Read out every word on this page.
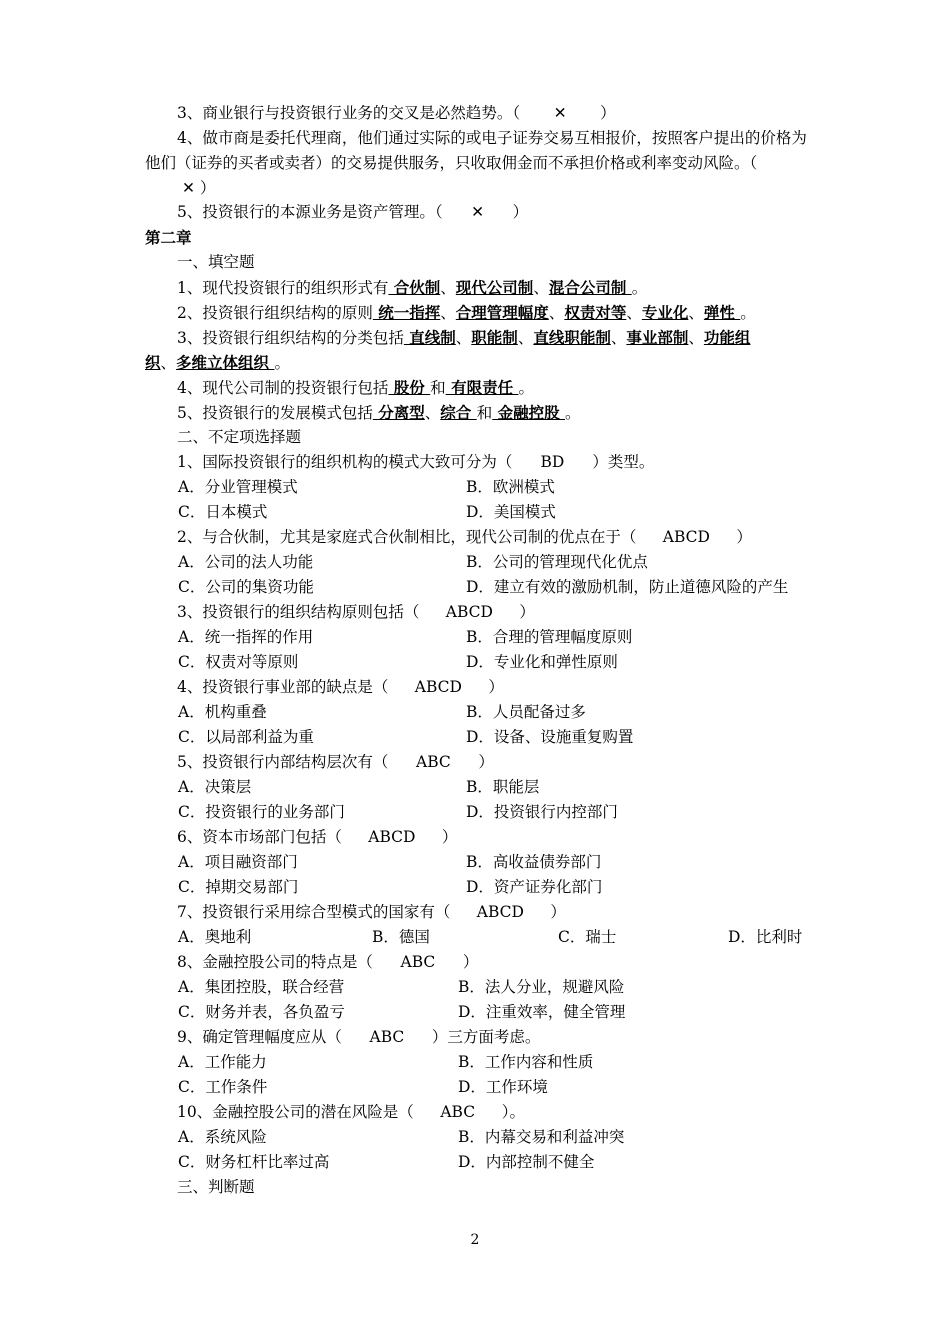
3、商业银行与投资银行业务的交叉是必然趋势。（ ✕ ）
4、做市商是委托代理商，他们通过实际的或电子证券交易互相报价，按照客户提出的价格为他们（证券的买者或卖者）的交易提供服务，只收取佣金而不承担价格或利率变动风险。（✕ ）
5、投资银行的本源业务是资产管理。（ ✕ ）
第二章
一、填空题
1、现代投资银行的组织形式有 合伙制、现代公司制、混合公司制 。
2、投资银行组织结构的原则 统一指挥、合理管理幅度、权责对等、专业化、弹性 。
3、投资银行组织结构的分类包括 直线制、职能制、直线职能制、事业部制、功能组
织、多维立体组织 。
4、现代公司制的投资银行包括 股份 和 有限责任 。
5、投资银行的发展模式包括 分离型、综合 和 金融控股 。
二、不定项选择题
1、国际投资银行的组织机构的模式大致可分为（ BD ）类型。
A．分业管理模式	B．欧洲模式
C．日本模式	D．美国模式
2、与合伙制，尤其是家庭式合伙制相比，现代公司制的优点在于（ ABCD ）
A．公司的法人功能	B．公司的管理现代化优点
C．公司的集资功能	D．建立有效的激励机制，防止道德风险的产生
3、投资银行的组织结构原则包括（ ABCD ）
A．统一指挥的作用	B．合理的管理幅度原则
C．权责对等原则	D．专业化和弹性原则
4、投资银行事业部的缺点是（ ABCD ）
A．机构重叠	B．人员配备过多
C．以局部利益为重	D．设备、设施重复购置
5、投资银行内部结构层次有（ ABC ）
A．决策层	B．职能层
C．投资银行的业务部门	D．投资银行内控部门
6、资本市场部门包括（ ABCD ）
A．项目融资部门	B．高收益债券部门
C．掉期交易部门	D．资产证券化部门
7、投资银行采用综合型模式的国家有（ ABCD ）
A．奥地利	B．德国	C．瑞士	D．比利时
8、金融控股公司的特点是（ ABC ）
A．集团控股，联合经营	B．法人分业，规避风险
C．财务并表，各负盈亏	D．注重效率，健全管理
9、确定管理幅度应从（ ABC ）三方面考虑。
A．工作能力	B．工作内容和性质
C．工作条件	D．工作环境
10、金融控股公司的潜在风险是（ ABC ）。
A．系统风险	B．内幕交易和利益冲突
C．财务杠杆比率过高	D．内部控制不健全
三、判断题
2
